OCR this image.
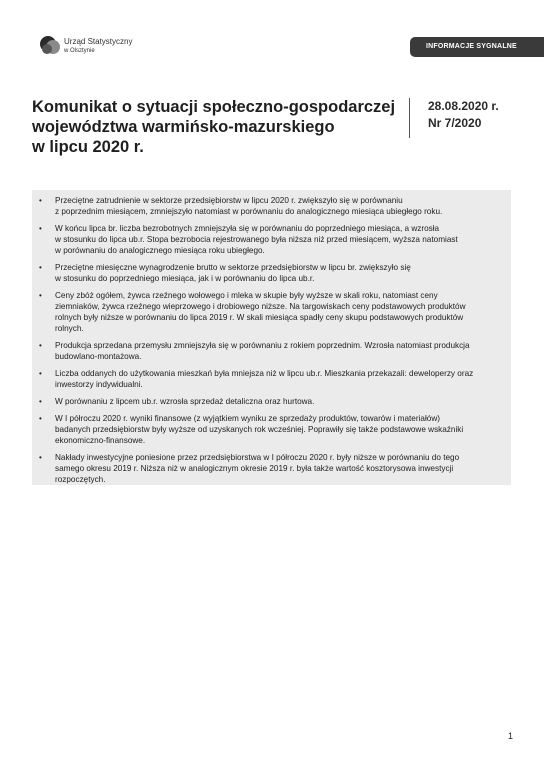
Urząd Statystyczny
w Olsztynie
INFORMACJE SYGNALNE
Komunikat o sytuacji społeczno-gospodarczej
województwa warmińsko-mazurskiego
w lipcu 2020 r.
28.08.2020 r.
Nr 7/2020
• Przeciętne zatrudnienie w sektorze przedsiębiorstw w lipcu 2020 r. zwiększyło się w porównaniu
z poprzednim miesiącem, zmniejszyło natomiast w porównaniu do analogicznego miesiąca ubiegłego roku.
• W końcu lipca br. liczba bezrobotnych zmniejszyła się w porównaniu do poprzedniego miesiąca, a wzrosła
w stosunku do lipca ub.r. Stopa bezrobocia rejestrowanego była niższa niż przed miesiącem, wyższa natomiast
w porównaniu do analogicznego miesiąca roku ubiegłego.
• Przeciętne miesięczne wynagrodzenie brutto w sektorze przedsiębiorstw w lipcu br. zwiększyło się
w stosunku do poprzedniego miesiąca, jak i w porównaniu do lipca ub.r.
• Ceny zbóż ogółem, żywca rzeźnego wołowego i mleka w skupie były wyższe w skali roku, natomiast ceny
ziemniaków, żywca rzeźnego wieprzowego i drobiowego niższe. Na targowiskach ceny podstawowych produktów
rolnych były niższe w porównaniu do lipca 2019 r. W skali miesiąca spadły ceny skupu podstawowych produktów
rolnych.
• Produkcja sprzedana przemysłu zmniejszyła się w porównaniu z rokiem poprzednim. Wzrosła natomiast produkcja
budowlano-montażowa.
• Liczba oddanych do użytkowania mieszkań była mniejsza niż w lipcu ub.r. Mieszkania przekazali: deweloperzy oraz
inwestorzy indywidualni.
• W porównaniu z lipcem ub.r. wzrosła sprzedaż detaliczna oraz hurtowa.
• W I półroczu 2020 r. wyniki finansowe (z wyjątkiem wyniku ze sprzedaży produktów, towarów i materiałów)
badanych przedsiębiorstw były wyższe od uzyskanych rok wcześniej. Poprawiły się także podstawowe wskaźniki
ekonomiczno-finansowe.
• Nakłady inwestycyjne poniesione przez przedsiębiorstwa w I półroczu 2020 r. były niższe w porównaniu do tego
samego okresu 2019 r. Niższa niż w analogicznym okresie 2019 r. była także wartość kosztorysowa inwestycji
rozpoczętych.
1
